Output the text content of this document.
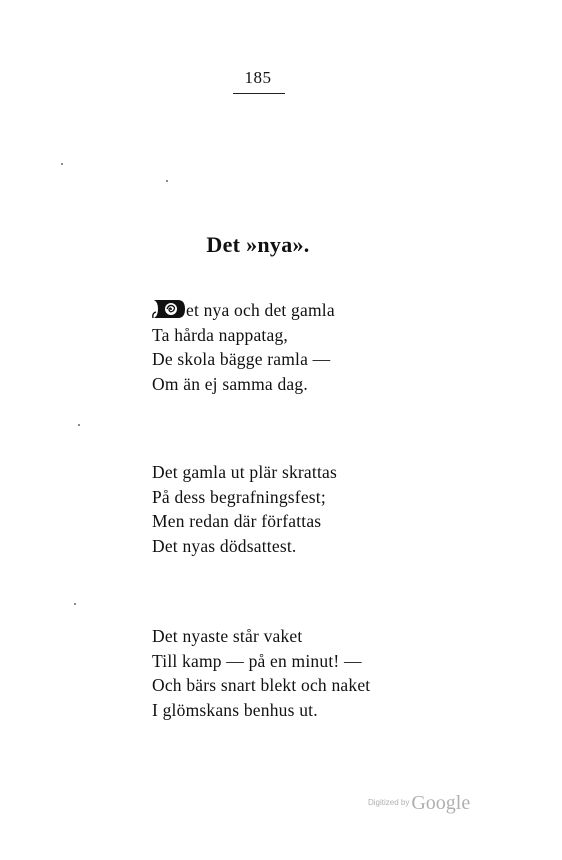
185
Det »nya».
et nya och det gamla
Ta hårda nappatag,
De skola bägge ramla —
Om än ej samma dag.
Det gamla ut plär skrattas
På dess begrafningsfest;
Men redan där författas
Det nyas dödsattest.
Det nyaste står vaket
Till kamp — på en minut! —
Och bärs snart blekt och naket
I glömskans benhus ut.
$^{Digitized by}$ Google
